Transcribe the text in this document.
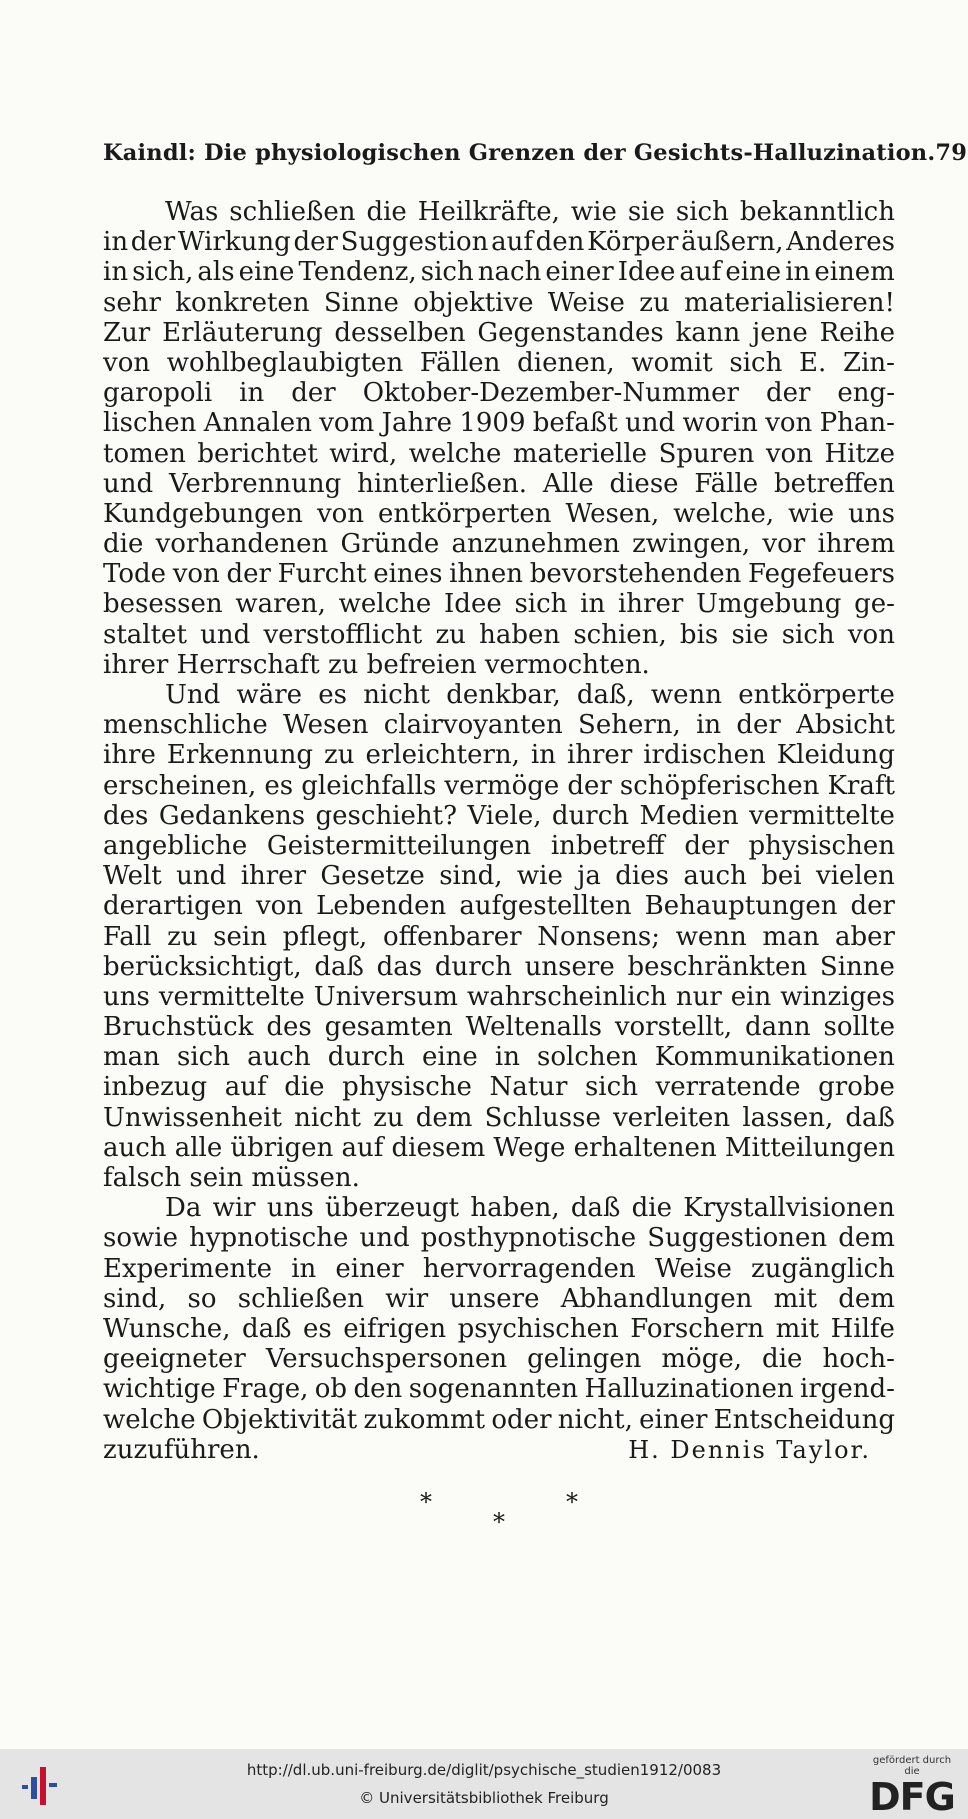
Kaindl: Die physiologischen Grenzen der Gesichts-Halluzination. 79
Was schließen die Heilkräfte, wie sie sich bekanntlich
in der Wirkung der Suggestion auf den Körper äußern, Anderes
in sich, als eine Tendenz, sich nach einer Idee auf eine in einem
sehr konkreten Sinne objektive Weise zu materialisieren!
Zur Erläuterung desselben Gegenstandes kann jene Reihe
von wohlbeglaubigten Fällen dienen, womit sich E. Zin-
garopoli in der Oktober-Dezember-Nummer der eng-
lischen Annalen vom Jahre 1909 befaßt und worin von Phan-
tomen berichtet wird, welche materielle Spuren von Hitze
und Verbrennung hinterließen. Alle diese Fälle betreffen
Kundgebungen von entkörperten Wesen, welche, wie uns
die vorhandenen Gründe anzunehmen zwingen, vor ihrem
Tode von der Furcht eines ihnen bevorstehenden Fegefeuers
besessen waren, welche Idee sich in ihrer Umgebung ge-
staltet und verstofflicht zu haben schien, bis sie sich von
ihrer Herrschaft zu befreien vermochten.
Und wäre es nicht denkbar, daß, wenn entkörperte
menschliche Wesen clairvoyanten Sehern, in der Absicht
ihre Erkennung zu erleichtern, in ihrer irdischen Kleidung
erscheinen, es gleichfalls vermöge der schöpferischen Kraft
des Gedankens geschieht? Viele, durch Medien vermittelte
angebliche Geistermitteilungen inbetreff der physischen
Welt und ihrer Gesetze sind, wie ja dies auch bei vielen
derartigen von Lebenden aufgestellten Behauptungen der
Fall zu sein pflegt, offenbarer Nonsens; wenn man aber
berücksichtigt, daß das durch unsere beschränkten Sinne
uns vermittelte Universum wahrscheinlich nur ein winziges
Bruchstück des gesamten Weltenalls vorstellt, dann sollte
man sich auch durch eine in solchen Kommunikationen
inbezug auf die physische Natur sich verratende grobe
Unwissenheit nicht zu dem Schlusse verleiten lassen, daß
auch alle übrigen auf diesem Wege erhaltenen Mitteilungen
falsch sein müssen.
Da wir uns überzeugt haben, daß die Krystallvisionen
sowie hypnotische und posthypnotische Suggestionen dem
Experimente in einer hervorragenden Weise zugänglich
sind, so schließen wir unsere Abhandlungen mit dem
Wunsche, daß es eifrigen psychischen Forschern mit Hilfe
geeigneter Versuchspersonen gelingen möge, die hoch-
wichtige Frage, ob den sogenannten Halluzinationen irgend-
welche Objektivität zukommt oder nicht, einer Entscheidung
zuzuführen.	H. Dennis Taylor.
*	*
*
http://dl.ub.uni-freiburg.de/diglit/psychische_studien1912/0083
© Universitätsbibliothek Freiburg
gefördert durch die
DFG
